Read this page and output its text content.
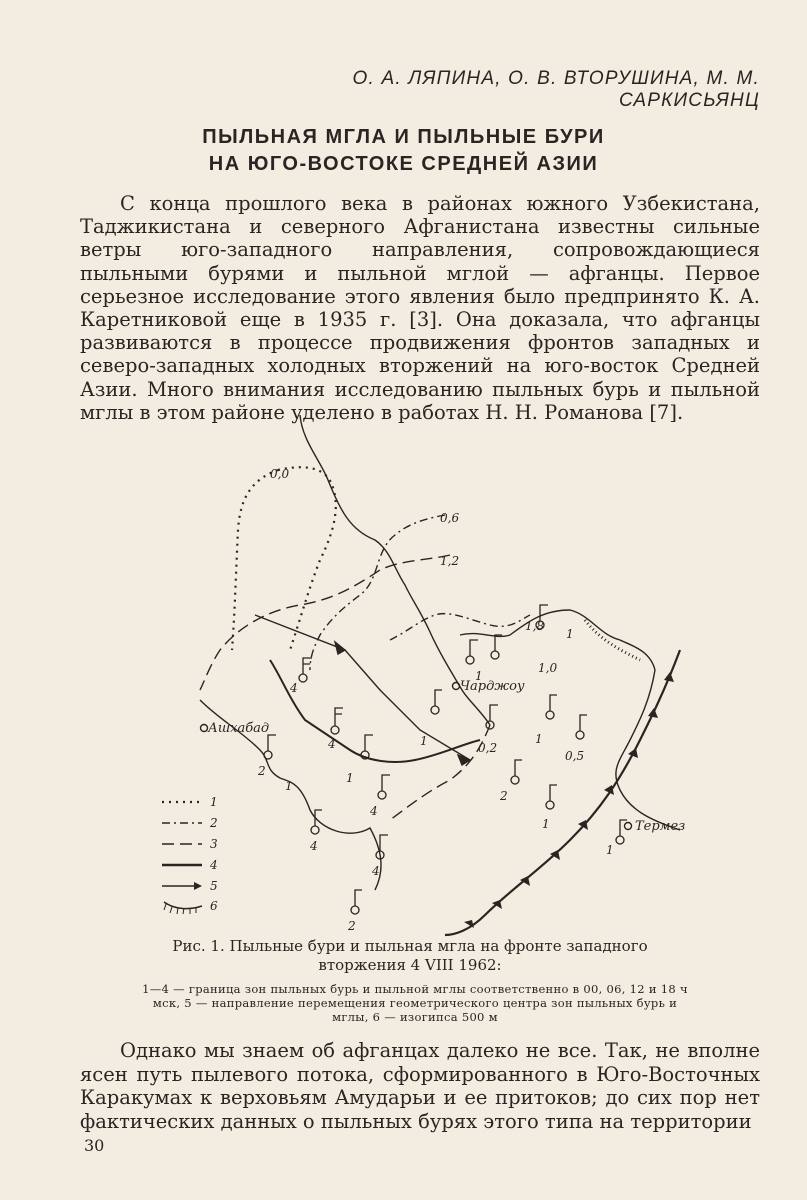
О. А. ЛЯПИНА, О. В. ВТОРУШИНА, М. М. САРКИСЬЯНЦ
ПЫЛЬНАЯ МГЛА И ПЫЛЬНЫЕ БУРИ
НА ЮГО-ВОСТОКЕ СРЕДНЕЙ АЗИИ

С конца прошлого века в районах южного Узбекистана, Таджикистана и северного Афганистана известны сильные ветры юго-западного направления, сопровождающиеся пыльными бурями и пыльной мглой — афганцы. Первое серьезное исследование этого явления было предпринято К. А. Каретниковой еще в 1935 г. [3]. Она доказала, что афганцы развиваются в процессе продвижения фронтов западных и северо-западных холодных вторжений на юго-восток Средней Азии. Много внимания исследованию пыльных бурь и пыльной мглы в этом районе уделено в работах Н. Н. Романова [7].

1
2
3
4
5
6
0,0
0,6
1,2
1,8
Ашхабад
Чарджоу
Термез
4
4
1
4
2
1
1,0
1	0,2
1
0,5
2
1
1
4
4
2
1
1
Рис. 1. Пыльные бури и пыльная мгла на фронте западного вторжения 4 VIII 1962:
1—4 — граница зон пыльных бурь и пыльной мглы соответственно в 00, 06, 12 и 18 ч мск, 5 — направление перемещения геометрического центра зон пыльных бурь и мглы, 6 — изогипса 500 м

Однако мы знаем об афганцах далеко не все. Так, не вполне ясен путь пылевого потока, сформированного в Юго-Восточных Каракумах к верховьям Амударьи и ее притоков; до сих пор нет фактических данных о пыльных бурях этого типа на территории

30
